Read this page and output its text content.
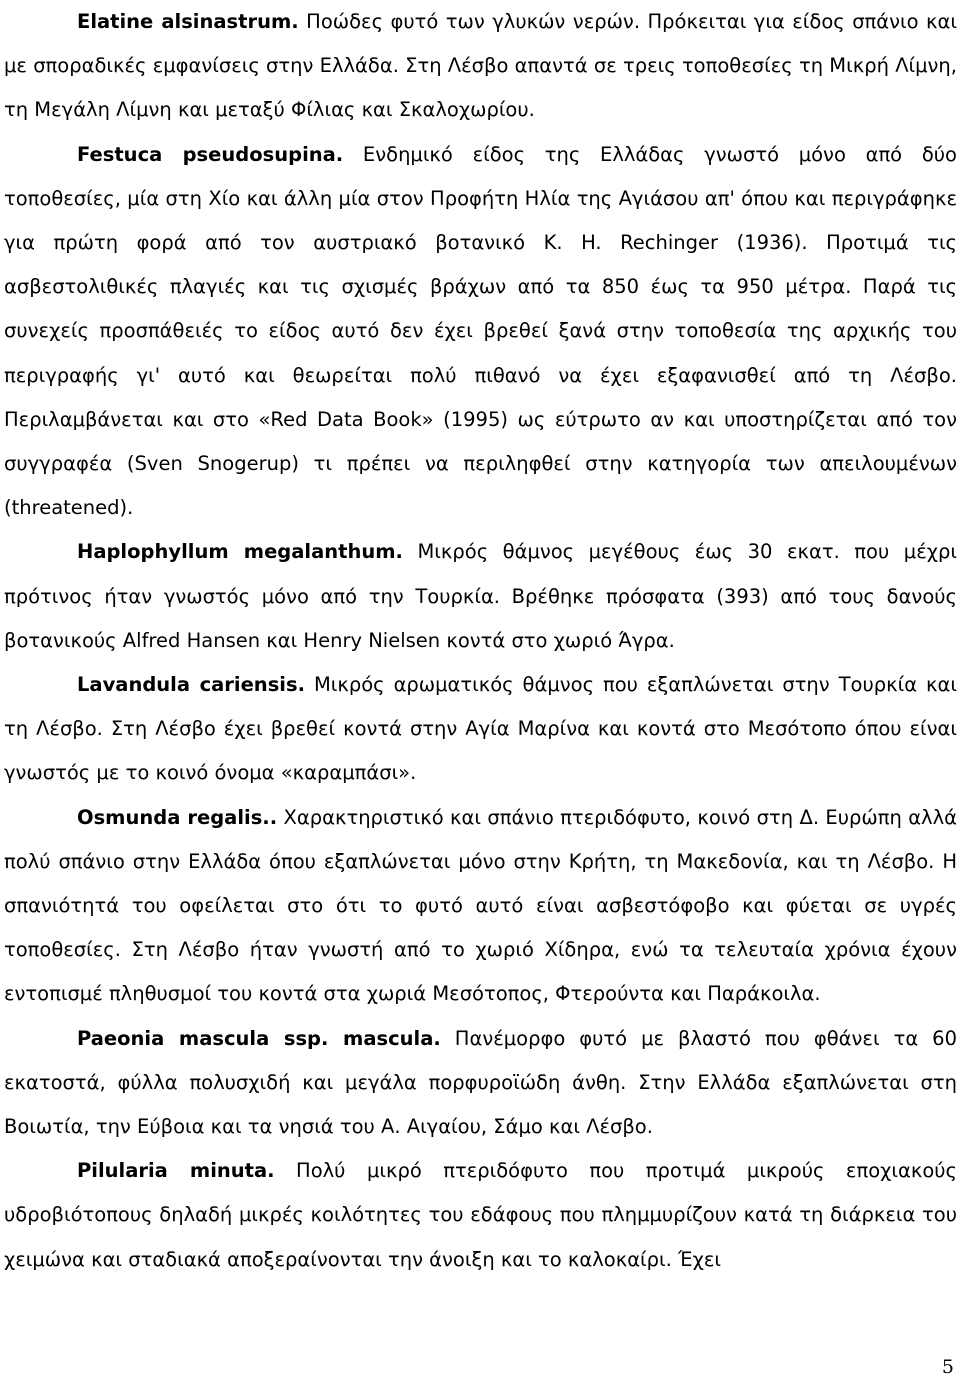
Elatine alsinastrum. Ποώδες φυτό των γλυκών νερών. Πρόκειται για είδος σπάνιο και με σποραδικές εμφανίσεις στην Ελλάδα. Στη Λέσβο απαντά σε τρεις τοποθεσίες τη Μικρή Λίμνη, τη Μεγάλη Λίμνη και μεταξύ Φίλιας και Σκαλοχωρίου.

Festuca pseudosupina. Ενδημικό είδος της Ελλάδας γνωστό μόνο από δύο τοποθεσίες, μία στη Χίο και άλλη μία στον Προφήτη Ηλία της Αγιάσου απ' όπου και περιγράφηκε για πρώτη φορά από τον αυστριακό βοτανικό K. H. Rechinger (1936). Προτιμά τις ασβεστολιθικές πλαγιές και τις σχισμές βράχων από τα 850 έως τα 950 μέτρα. Παρά τις συνεχείς προσπάθειές το είδος αυτό δεν έχει βρεθεί ξανά στην τοποθεσία της αρχικής του περιγραφής γι' αυτό και θεωρείται πολύ πιθανό να έχει εξαφανισθεί από τη Λέσβο. Περιλαμβάνεται και στο «Red Data Book» (1995) ως εύτρωτο αν και υποστηρίζεται από τον συγγραφέα (Sven Snogerup) τι πρέπει να περιληφθεί στην κατηγορία των απειλουμένων (threatened).

Haplophyllum megalanthum. Μικρός θάμνος μεγέθους έως 30 εκατ. που μέχρι πρότινος ήταν γνωστός μόνο από την Τουρκία. Βρέθηκε πρόσφατα (393) από τους δανούς βοτανικούς Alfred Hansen και Henry Nielsen κοντά στο χωριό Άγρα.

Lavandula cariensis. Μικρός αρωματικός θάμνος που εξαπλώνεται στην Τουρκία και τη Λέσβο. Στη Λέσβο έχει βρεθεί κοντά στην Αγία Μαρίνα και κοντά στο Μεσότοπο όπου είναι γνωστός με το κοινό όνομα «καραμπάσι».

Osmunda regalis.. Χαρακτηριστικό και σπάνιο πτεριδόφυτο, κοινό στη Δ. Ευρώπη αλλά πολύ σπάνιο στην Ελλάδα όπου εξαπλώνεται μόνο στην Κρήτη, τη Μακεδονία, και τη Λέσβο. Η σπανιότητά του οφείλεται στο ότι το φυτό αυτό είναι ασβεστόφοβο και φύεται σε υγρές τοποθεσίες. Στη Λέσβο ήταν γνωστή από το χωριό Χίδηρα, ενώ τα τελευταία χρόνια έχουν εντοπισμέ πληθυσμοί του κοντά στα χωριά Μεσότοπος, Φτερούντα και Παράκοιλα.

Paeonia mascula ssp. mascula. Πανέμορφο φυτό με βλαστό που φθάνει τα 60 εκατοστά, φύλλα πολυσχιδή και μεγάλα πορφυροϊώδη άνθη. Στην Ελλάδα εξαπλώνεται στη Βοιωτία, την Εύβοια και τα νησιά του Α. Αιγαίου, Σάμο και Λέσβο.

Pilularia minuta. Πολύ μικρό πτεριδόφυτο που προτιμά μικρούς εποχιακούς υδροβιότοπους δηλαδή μικρές κοιλότητες του εδάφους που πλημμυρίζουν κατά τη διάρκεια του χειμώνα και σταδιακά αποξεραίνονται την άνοιξη και το καλοκαίρι. Έχει

5
